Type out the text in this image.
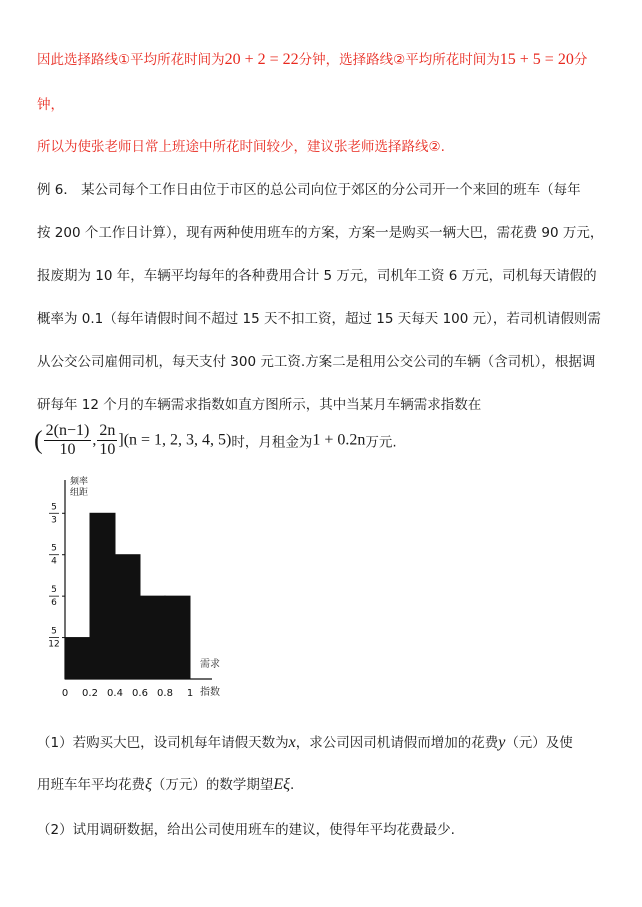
因此选择路线①平均所花时间为20 + 2 = 22分钟，选择路线②平均所花时间为15 + 5 = 20分
钟，
所以为使张老师日常上班途中所花时间较少，建议张老师选择路线②.
例 6． 某公司每个工作日由位于市区的总公司向位于郊区的分公司开一个来回的班车（每年
按 200 个工作日计算），现有两种使用班车的方案，方案一是购买一辆大巴，需花费 90 万元，
报废期为 10 年，车辆平均每年的各种费用合计 5 万元，司机年工资 6 万元，司机每天请假的
概率为 0.1（每年请假时间不超过 15 天不扣工资，超过 15 天每天 100 元），若司机请假则需
从公交公司雇佣司机，每天支付 300 元工资.方案二是租用公交公司的车辆（含司机），根据调
研每年 12 个月的车辆需求指数如直方图所示，其中当某月车辆需求指数在
( $\frac{2(n-1)}{10}$ , $\frac{2n}{10} ](n = 1$, 2, 3, 4, 5)时，月租金为1 + 0.2n万元.
频率
组距
需求
指数
0 0.2 0.4 0.6 0.8 1
5
3
5
4
5
6
5
12
（1）若购买大巴，设司机每年请假天数为x，求公司因司机请假而增加的花费y（元）及使
用班车年平均花费ξ（万元）的数学期望Eξ.
（2）试用调研数据，给出公司使用班车的建议，使得年平均花费最少.
